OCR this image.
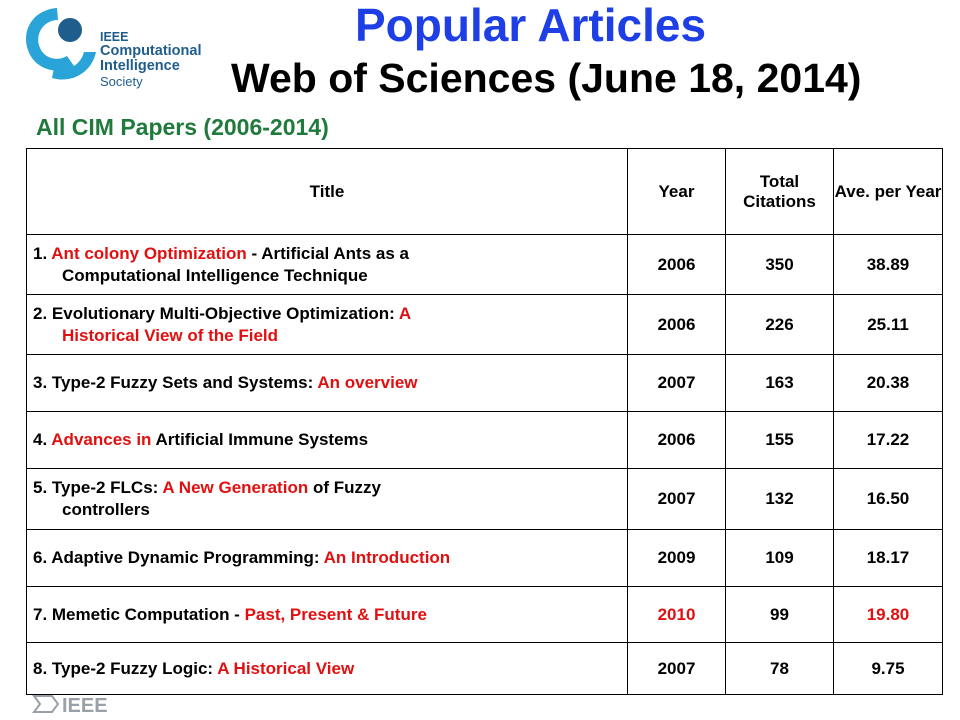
IEEE
Computational
Intelligence
Society
Popular Articles
Web of Sciences (June 18, 2014)
All CIM Papers (2006-2014)
Title	Year	Total Citations	Ave. per Year
1. Ant colony Optimization - Artificial Ants as a
Computational Intelligence Technique	2006	350	38.89
2. Evolutionary Multi-Objective Optimization: A
Historical View of the Field	2006	226	25.11
3. Type-2 Fuzzy Sets and Systems: An overview	2007	163	20.38
4. Advances in Artificial Immune Systems	2006	155	17.22
5. Type-2 FLCs: A New Generation of Fuzzy
controllers	2007	132	16.50
6. Adaptive Dynamic Programming: An Introduction	2009	109	18.17
7. Memetic Computation - Past, Present & Future	2010	99	19.80
8. Type-2 Fuzzy Logic: A Historical View	2007	78	9.75
IEEE
